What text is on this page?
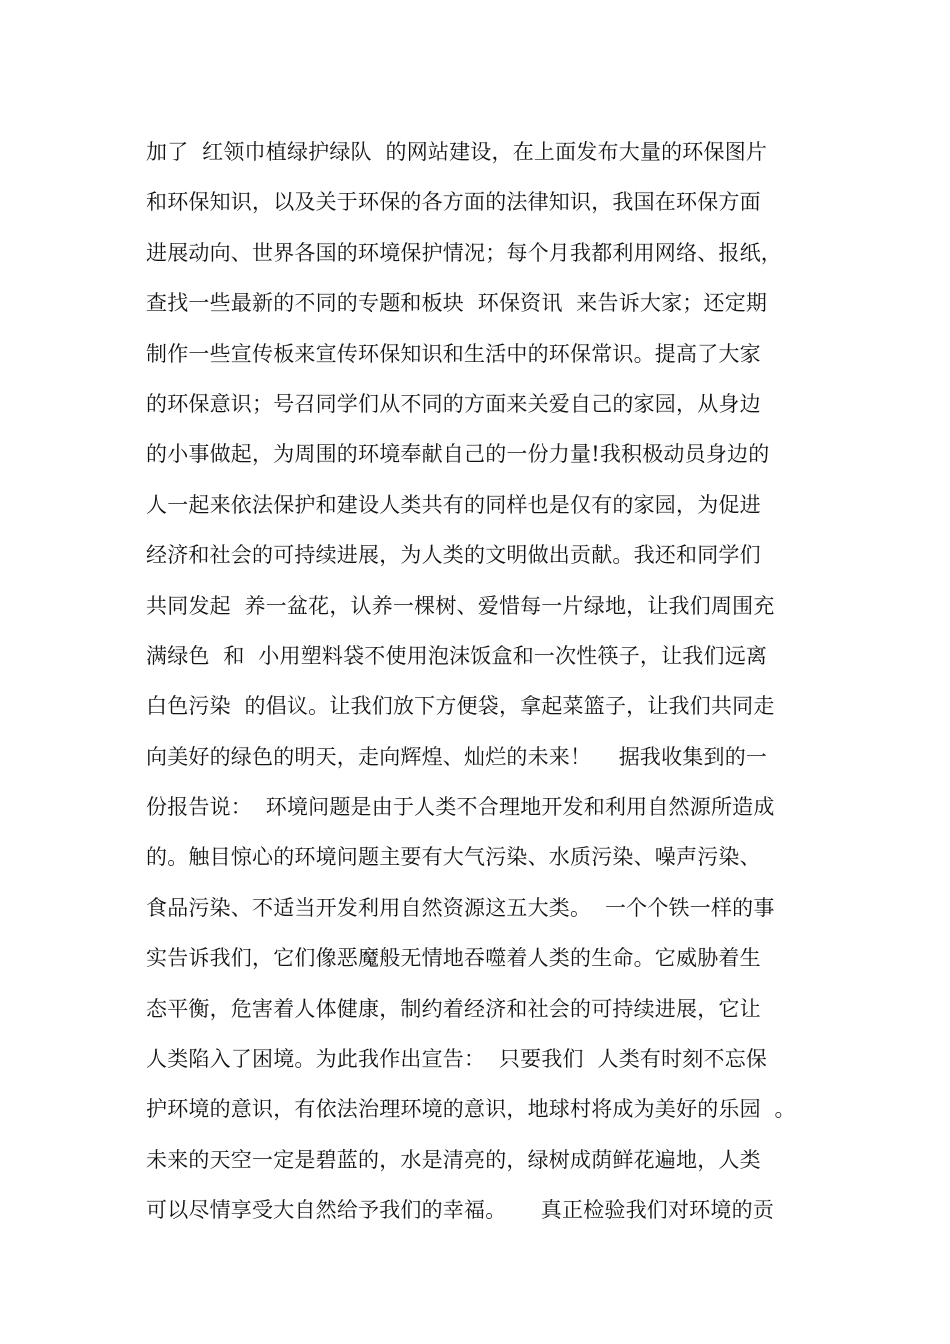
加了  红领巾植绿护绿队  的网站建设，在上面发布大量的环保图片
和环保知识，以及关于环保的各方面的法律知识，我国在环保方面
进展动向、世界各国的环境保护情况；每个月我都利用网络、报纸，
查找一些最新的不同的专题和板块  环保资讯  来告诉大家；还定期
制作一些宣传板来宣传环保知识和生活中的环保常识。提高了大家
的环保意识；号召同学们从不同的方面来关爱自己的家园，从身边
的小事做起，为周围的环境奉献自己的一份力量!我积极动员身边的
人一起来依法保护和建设人类共有的同样也是仅有的家园，为促进
经济和社会的可持续进展，为人类的文明做出贡献。我还和同学们
共同发起  养一盆花，认养一棵树、爱惜每一片绿地，让我们周围充
满绿色  和  小用塑料袋不使用泡沫饭盒和一次性筷子，让我们远离
白色污染  的倡议。让我们放下方便袋，拿起菜篮子，让我们共同走
向美好的绿色的明天，走向辉煌、灿烂的未来！    据我收集到的一
份报告说：  环境问题是由于人类不合理地开发和利用自然源所造成
的。触目惊心的环境问题主要有大气污染、水质污染、噪声污染、
食品污染、不适当开发利用自然资源这五大类。  一个个铁一样的事
实告诉我们，它们像恶魔般无情地吞噬着人类的生命。它威胁着生
态平衡，危害着人体健康，制约着经济和社会的可持续进展，它让
人类陷入了困境。为此我作出宣告：  只要我们  人类有时刻不忘保
护环境的意识，有依法治理环境的意识，地球村将成为美好的乐园  。
未来的天空一定是碧蓝的，水是清亮的，绿树成荫鲜花遍地，人类
可以尽情享受大自然给予我们的幸福。     真正检验我们对环境的贡
